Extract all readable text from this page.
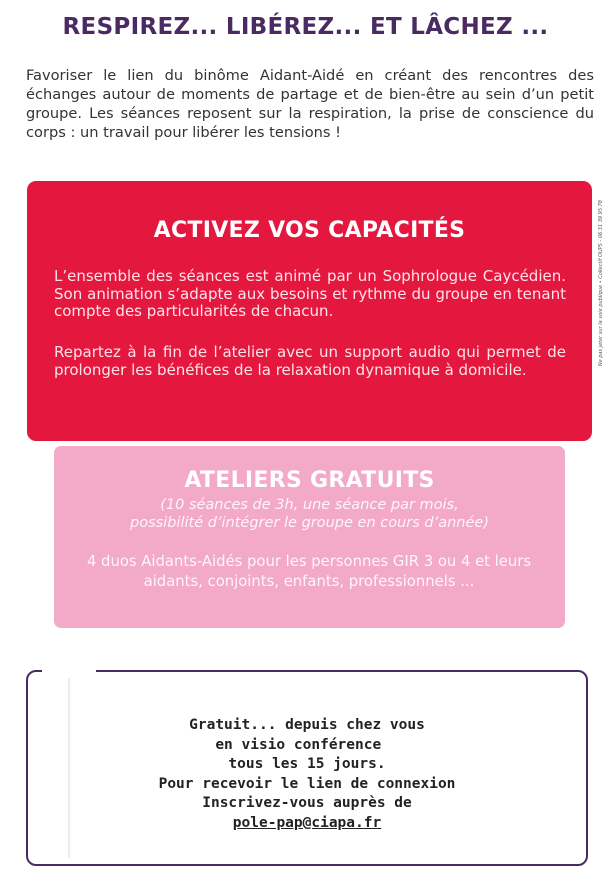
RESPIREZ... LIBÉREZ... ET LÂCHEZ ...
Favoriser le lien du binôme Aidant-Aidé en créant des rencontres des échanges autour de moments de partage et de bien-être au sein d’un petit groupe. Les séances reposent sur la respiration, la prise de conscience du corps : un travail pour libérer les tensions !
Ne pas jeter sur la voie publique • Collectif OUPS - 06 31 39 95 78
ACTIVEZ VOS CAPACITÉS
L’ensemble des séances est animé par un Sophrologue Caycédien. Son animation s’adapte aux besoins et rythme du groupe en tenant compte des particularités de chacun.
Repartez à la fin de l’atelier avec un support audio qui permet de prolonger les bénéfices de la relaxation dynamique à domicile.
ATELIERS GRATUITS
(10 séances de 3h, une séance par mois,
possibilité d’intégrer le groupe en cours d’année)
4 duos Aidants-Aidés pour les personnes GIR 3 ou 4 et leurs aidants, conjoints, enfants, professionnels ...
Gratuit... depuis chez vous
en visio conférence
tous les 15 jours.
Pour recevoir le lien de connexion
Inscrivez-vous auprès de
pole-pap@ciapa.fr
